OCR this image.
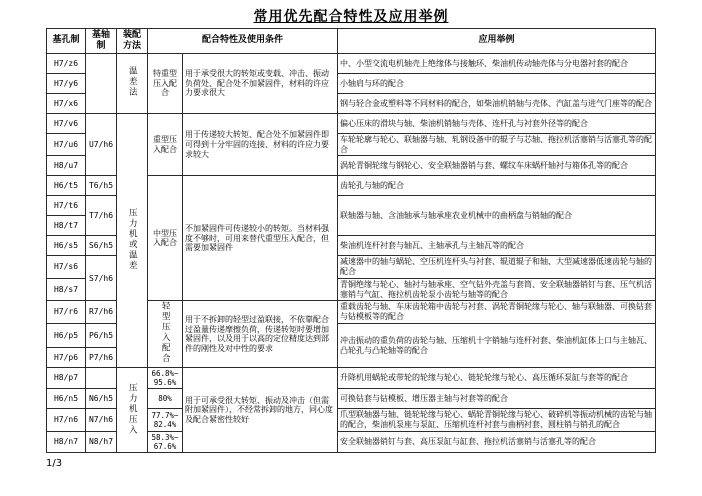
常用优先配合特性及应用举例
基孔制	基轴制	装配方法	配合特性及使用条件		应用举例
H7/z6		温差法	特重型压入配合	用于承受很大的转矩或变载、冲击、振动负荷处、配合处不加紧固件，材料的许应力要求很大	中、小型交流电机轴壳上绝缘体与接触环、柴油机传动轴壳体与分电器衬套的配合
H7/y6					小轴肩与环的配合
H7/x6					钢与轻合金或塑料等不同材料的配合，如柴油机销轴与壳体、汽缸盖与进气门座等的配合
H7/v6	U7/h6	压力机或温差	重型压入配合	用于传递较大转矩、配合处不加紧固件即可得到十分牢固的连接、材料的许应力要求较大	偏心压床的滑块与轴、柴油机销轴与壳体、连杆孔与衬套外径等的配合
H7/u6					车轮轮廓与轮心、联轴器与轴、轧钢设备中的辊子与芯轴、拖拉机活塞销与活塞孔等的配合
H8/u7					涡轮青铜轮缘与钢轮心、安全联轴器销与套、螺纹车床蜗杆轴衬与箱体孔等的配合
H6/t5	T6/h5		中型压入配合	不加紧固件可传递较小的转矩。当材料强度不够时，可用来替代重型压入配合，但需要加紧固件	齿轮孔与轴的配合
H7/t6	T7/h6				联轴器与轴、含油轴承与轴承座农业机械中的曲柄盘与销轴的配合
H8/t7					
H6/s5	S6/h5				柴油机连杆衬套与轴瓦、主轴承孔与主轴瓦等的配合
H7/s6	S7/h6				减速器中的轴与蜗轮、空压机连杆头与衬套、辊道辊子和轴、大型减速器低速齿轮与轴的配合
H8/s7					青铜绝缘与轮心、轴衬与轴承座、空气钻外壳盖与套筒、安全联轴器销钉与套、压气机活塞销与气缸、拖拉机齿轮泵小齿轮与轴等的配合
H7/r6	R7/h6		轻型压入配合	用于不拆卸的轻型过盈联接，不依靠配合过盈量传递摩擦负荷，传递转矩时要增加紧固件，以及用于以高的定位精度达到部件的刚性及对中性的要求	重载齿轮与轴、车床齿轮箱中齿轮与衬套、涡轮青铜轮缘与轮心、轴与联轴器、可换钻套与钻模板等的配合
H6/p5	P6/h5				冲击振动的重负荷的齿轮与轴、压缩机十字销轴与连杆衬套、柴油机缸体上口与主轴瓦、凸轮孔与凸轮轴等的配合
H7/p6	P7/h6				
H8/p7		压力机压入	66.8%~95.6%	用于可承受很大转矩、振动及冲击（但需附加紧固件），不经常拆卸的地方，同心度及配合紧密性较好	升降机用蜗轮或带轮的轮缘与轮心、链轮轮缘与轮心、高压循环泵缸与套等的配合
H6/n5	N6/h5		80%		可换钻套与钻模板、增压器主轴与衬套等的配合
H7/n6	N7/h6		77.7%~82.4%		爪型联轴器与轴、链轮轮缘与轮心、蜗轮青铜轮缘与轮心、破碎机等振动机械的齿轮与轴的配合，柴油机泵座与泵缸、压缩机连杆衬套与曲柄衬套、圆柱销与销孔的配合
H8/n7	N8/h7		58.3%~67.6%		安全联轴器销钉与套、高压泵缸与缸套、拖拉机活塞销与活塞孔等的配合
1/3
